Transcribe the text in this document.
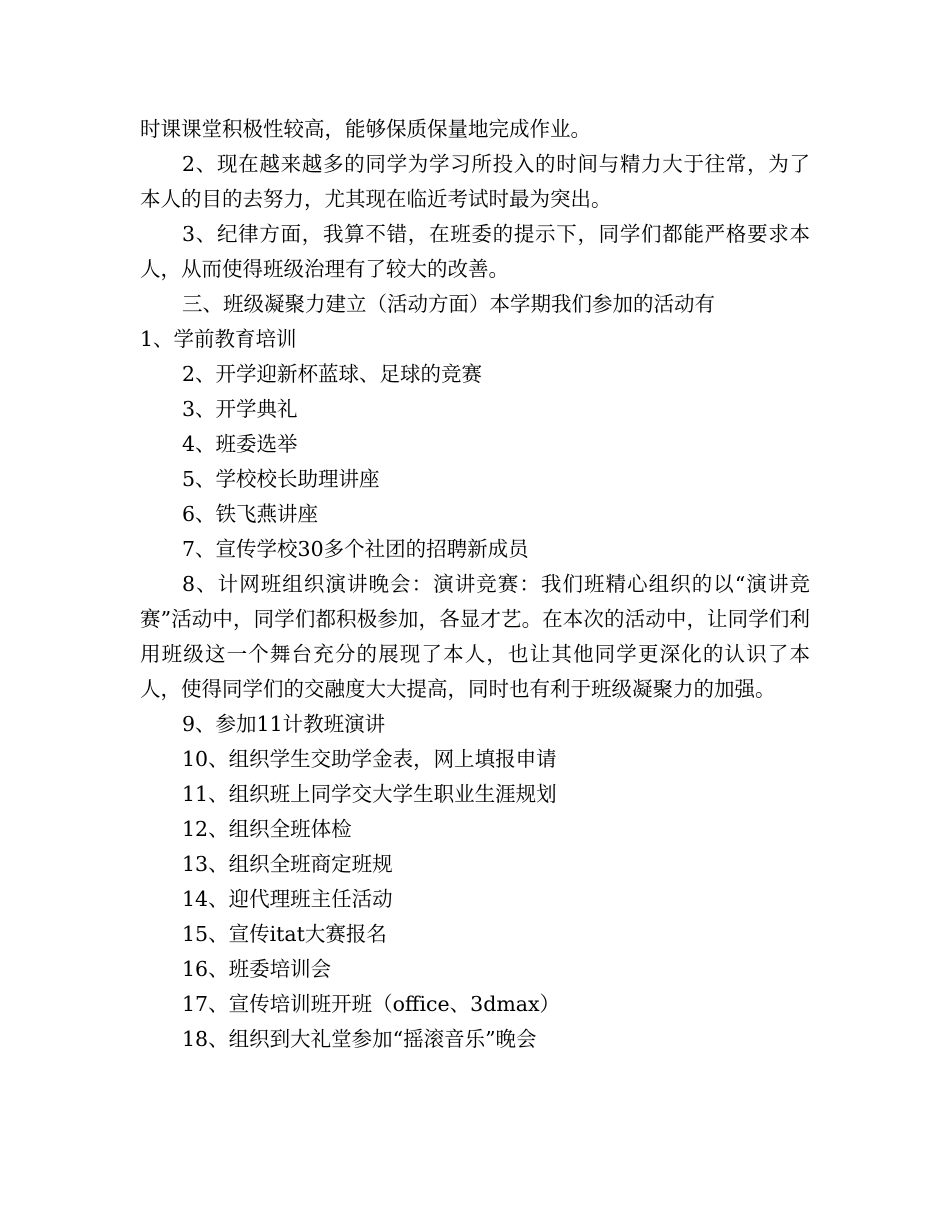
时课课堂积极性较高，能够保质保量地完成作业。

2、现在越来越多的同学为学习所投入的时间与精力大于往常，为了本人的目的去努力，尤其现在临近考试时最为突出。

3、纪律方面，我算不错，在班委的提示下，同学们都能严格要求本人，从而使得班级治理有了较大的改善。

三、班级凝聚力建立（活动方面）本学期我们参加的活动有

1、学前教育培训

2、开学迎新杯蓝球、足球的竞赛

3、开学典礼

4、班委选举

5、学校校长助理讲座

6、铁飞燕讲座

7、宣传学校30多个社团的招聘新成员

8、计网班组织演讲晚会：演讲竞赛：我们班精心组织的以“演讲竞赛”活动中，同学们都积极参加，各显才艺。在本次的活动中，让同学们利用班级这一个舞台充分的展现了本人，也让其他同学更深化的认识了本人，使得同学们的交融度大大提高，同时也有利于班级凝聚力的加强。

9、参加11计教班演讲

10、组织学生交助学金表，网上填报申请

11、组织班上同学交大学生职业生涯规划

12、组织全班体检

13、组织全班商定班规

14、迎代理班主任活动

15、宣传itat大赛报名

16、班委培训会

17、宣传培训班开班（office、3dmax）

18、组织到大礼堂参加“摇滚音乐”晚会
